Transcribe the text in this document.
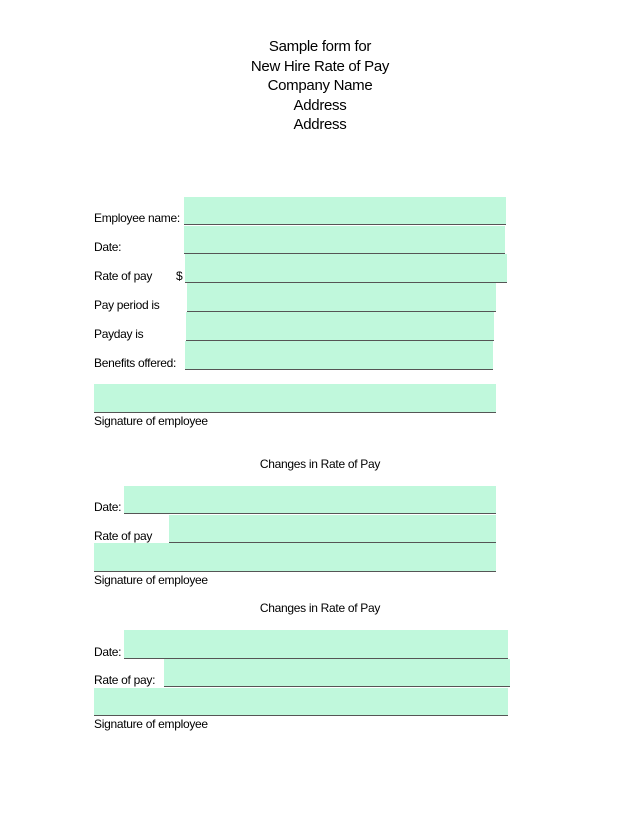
Sample form for
New Hire Rate of Pay
Company Name
Address
Address
Employee name:
Date:
Rate of pay $
Pay period is
Payday is
Benefits offered:
Signature of employee
Changes in Rate of Pay
Date:
Rate of pay
Signature of employee
Changes in Rate of Pay
Date:
Rate of pay:
Signature of employee
